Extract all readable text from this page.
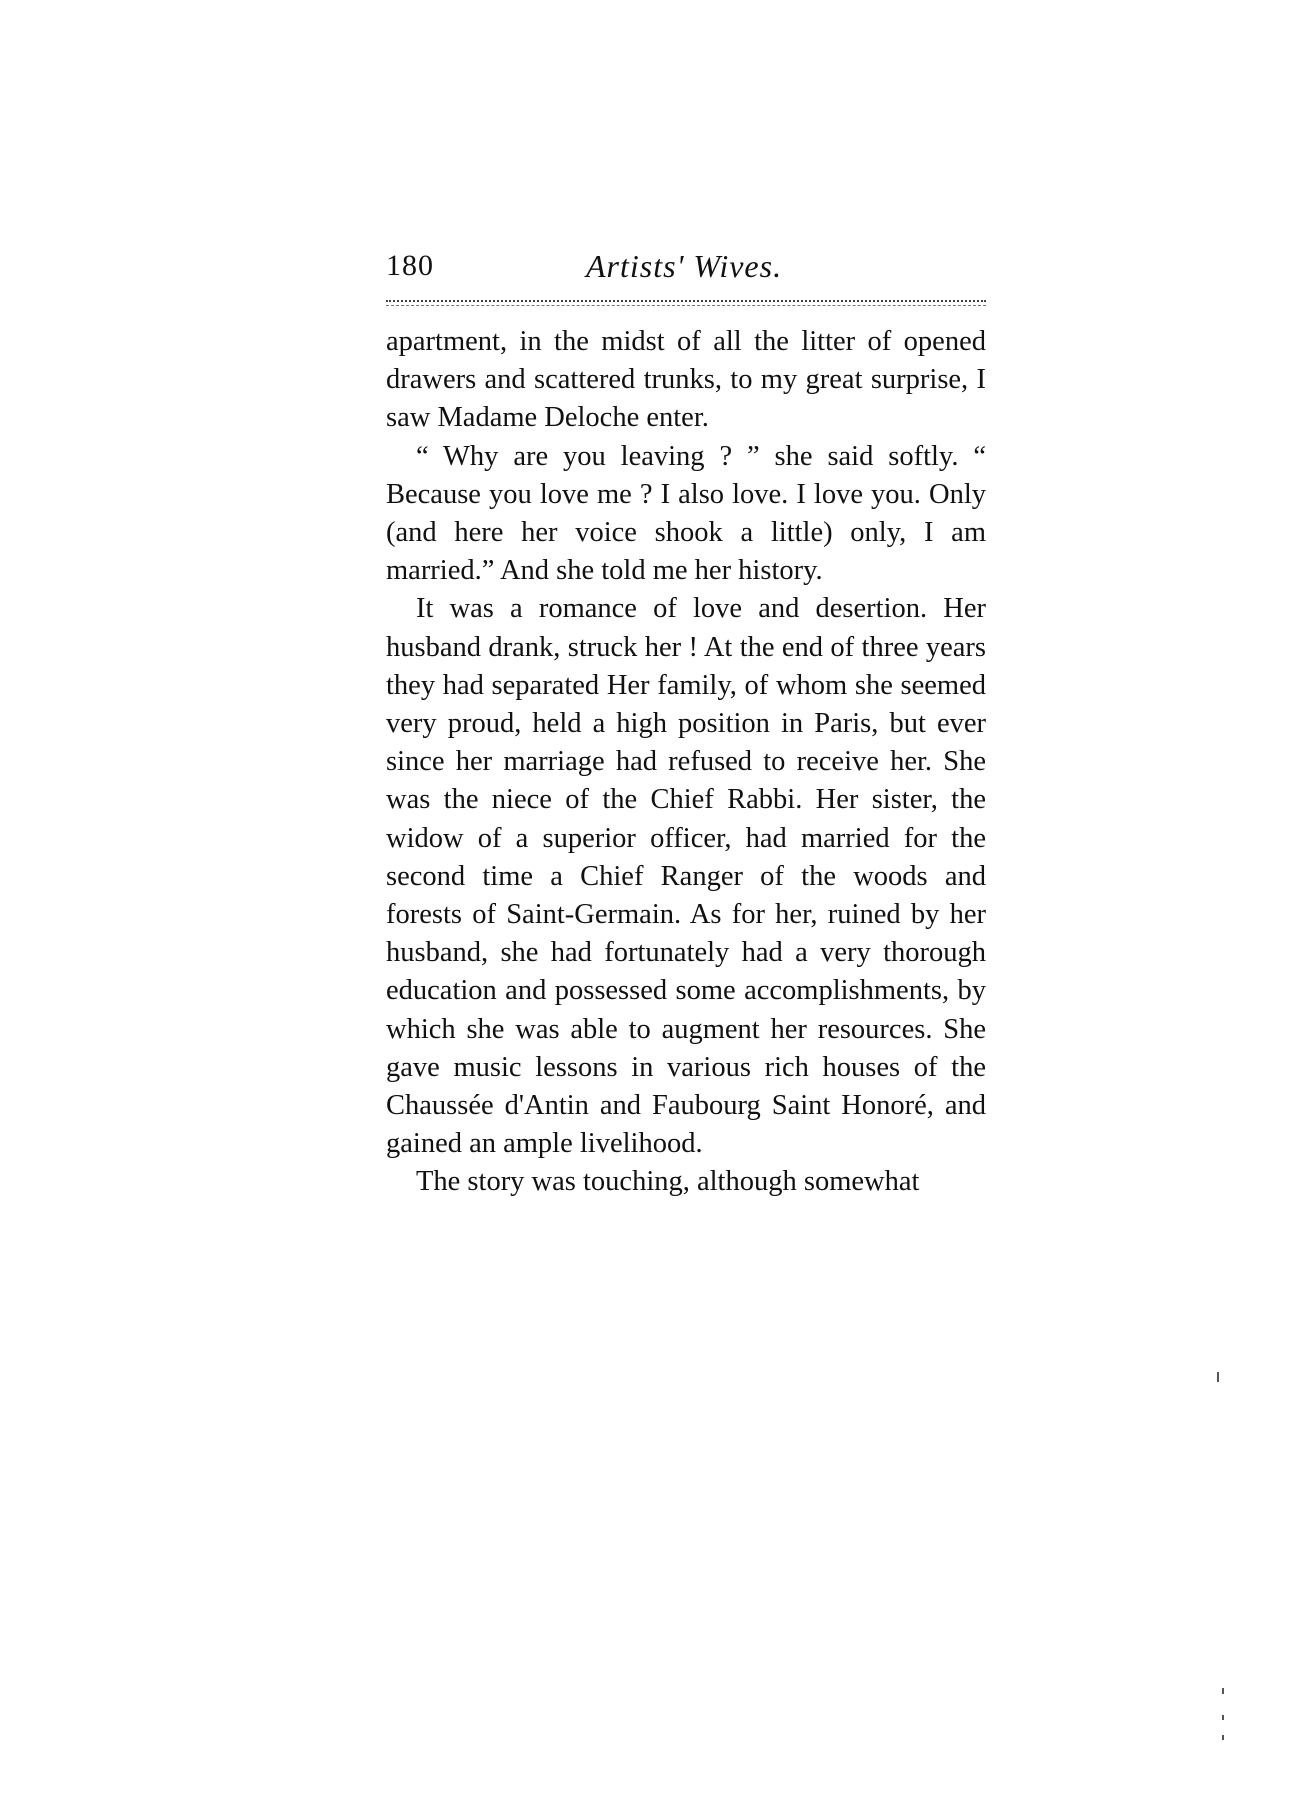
180	Artists' Wives.

apartment, in the midst of all the litter of opened drawers and scattered trunks, to my great surprise, I saw Madame Deloche enter.

“ Why are you leaving ? ” she said softly. “ Because you love me ? I also love. I love you. Only (and here her voice shook a little) only, I am married.” And she told me her history.

It was a romance of love and desertion. Her husband drank, struck her ! At the end of three years they had separated Her family, of whom she seemed very proud, held a high position in Paris, but ever since her marriage had refused to receive her. She was the niece of the Chief Rabbi. Her sister, the widow of a superior officer, had married for the second time a Chief Ranger of the woods and forests of Saint-Germain. As for her, ruined by her husband, she had fortunately had a very thorough education and possessed some accomplishments, by which she was able to augment her resources. She gave music lessons in various rich houses of the Chaussée d'Antin and Faubourg Saint Honoré, and gained an ample livelihood.

The story was touching, although somewhat
